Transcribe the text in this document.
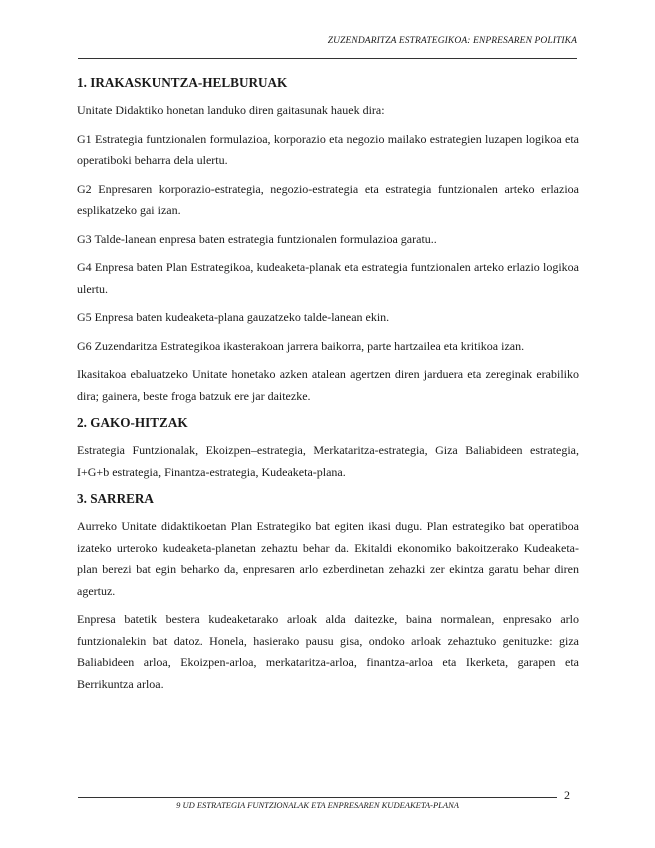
ZUZENDARITZA ESTRATEGIKOA: ENPRESAREN POLITIKA
1. IRAKASKUNTZA-HELBURUAK

Unitate Didaktiko honetan landuko diren gaitasunak hauek dira:

G1 Estrategia funtzionalen formulazioa, korporazio eta negozio mailako estrategien luzapen logikoa eta operatiboki beharra dela ulertu.

G2 Enpresaren korporazio-estrategia, negozio-estrategia eta estrategia funtzionalen arteko erlazioa esplikatzeko gai izan.

G3 Talde-lanean enpresa baten estrategia funtzionalen formulazioa garatu..

G4 Enpresa baten Plan Estrategikoa, kudeaketa-planak eta estrategia funtzionalen arteko erlazio logikoa ulertu.

G5 Enpresa baten kudeaketa-plana gauzatzeko talde-lanean ekin.

G6 Zuzendaritza Estrategikoa ikasterakoan jarrera baikorra, parte hartzailea eta kritikoa izan.

Ikasitakoa ebaluatzeko Unitate honetako azken atalean agertzen diren jarduera eta zereginak erabiliko dira; gainera, beste froga batzuk ere jar daitezke.

2. GAKO-HITZAK

Estrategia Funtzionalak, Ekoizpen–estrategia, Merkataritza-estrategia, Giza Baliabideen estrategia, I+G+b estrategia, Finantza-estrategia, Kudeaketa-plana.

3. SARRERA

Aurreko Unitate didaktikoetan Plan Estrategiko bat egiten ikasi dugu. Plan estrategiko bat operatiboa izateko urteroko kudeaketa-planetan zehaztu behar da. Ekitaldi ekonomiko bakoitzerako Kudeaketa-plan berezi bat egin beharko da, enpresaren arlo ezberdinetan zehazki zer ekintza garatu behar diren agertuz.

Enpresa batetik bestera kudeaketarako arloak alda daitezke, baina normalean, enpresako arlo funtzionalekin bat datoz. Honela, hasierako pausu gisa, ondoko arloak zehaztuko genituzke: giza Baliabideen arloa, Ekoizpen-arloa, merkataritza-arloa, finantza-arloa eta Ikerketa, garapen eta Berrikuntza arloa.

2
9 UD ESTRATEGIA FUNTZIONALAK ETA ENPRESAREN KUDEAKETA-PLANA
